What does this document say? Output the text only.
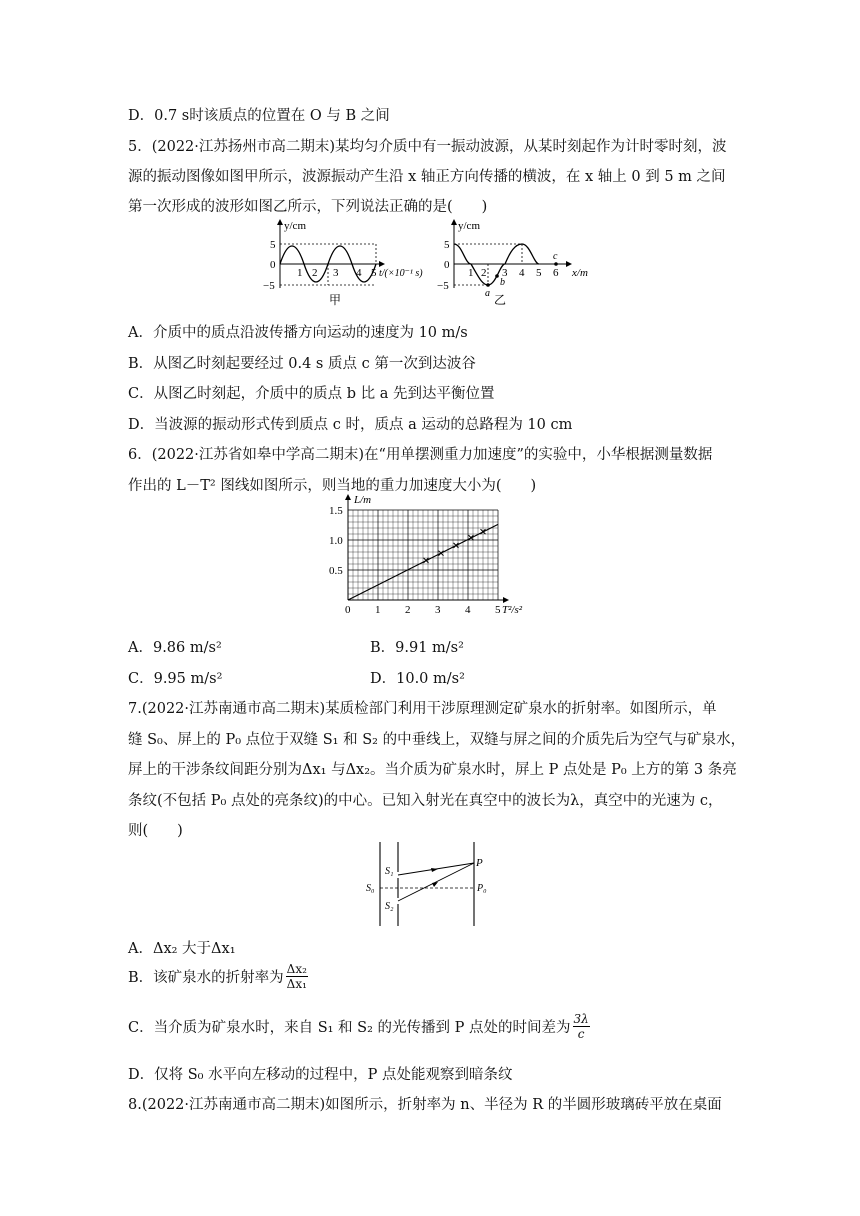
D．0.7 s时该质点的位置在 O 与 B 之间
5．(2022·江苏扬州市高二期末)某均匀介质中有一振动波源，从某时刻起作为计时零时刻，波
源的振动图像如图甲所示，波源振动产生沿 x 轴正方向传播的横波，在 x 轴上 0 到 5 m 之间
第一次形成的波形如图乙所示，下列说法正确的是(　　)
y/cm
5
0
−5
1 2 3 4 5 t/(×10⁻¹ s)
甲
y/cm
5
0
−5
1 2 3 4 5 6 x/m
a
b
c
乙
A．介质中的质点沿波传播方向运动的速度为 10 m/s
B．从图乙时刻起要经过 0.4 s 质点 c 第一次到达波谷
C．从图乙时刻起，介质中的质点 b 比 a 先到达平衡位置
D．当波源的振动形式传到质点 c 时，质点 a 运动的总路程为 10 cm
6．(2022·江苏省如皋中学高二期末)在“用单摆测重力加速度”的实验中，小华根据测量数据
作出的 L－T² 图线如图所示，则当地的重力加速度大小为(　　)
0 1 2 3 4 5
0.5
1.0
1.5
L/m
T²/s²
A．9.86 m/s²	B．9.91 m/s²
C．9.95 m/s²	D．10.0 m/s²
7.(2022·江苏南通市高二期末)某质检部门利用干涉原理测定矿泉水的折射率。如图所示，单
缝 S₀、屏上的 P₀ 点位于双缝 S₁ 和 S₂ 的中垂线上，双缝与屏之间的介质先后为空气与矿泉水，
屏上的干涉条纹间距分别为Δx₁ 与Δx₂。当介质为矿泉水时，屏上 P 点处是 P₀ 上方的第 3 条亮
条纹(不包括 P₀ 点处的亮条纹)的中心。已知入射光在真空中的波长为λ，真空中的光速为 c，
则(　　)
P
S₁
S₀
S₂
P₀
A．Δx₂ 大于Δx₁
B．该矿泉水的折射率为 $\frac{\text{Δx₂}}{\text{Δx₁}}$
C．当介质为矿泉水时，来自 S₁ 和 S₂ 的光传播到 P 点处的时间差为 $\frac{3\lambda}{c}$
D．仅将 S₀ 水平向左移动的过程中，P 点处能观察到暗条纹
8.(2022·江苏南通市高二期末)如图所示，折射率为 n、半径为 R 的半圆形玻璃砖平放在桌面
